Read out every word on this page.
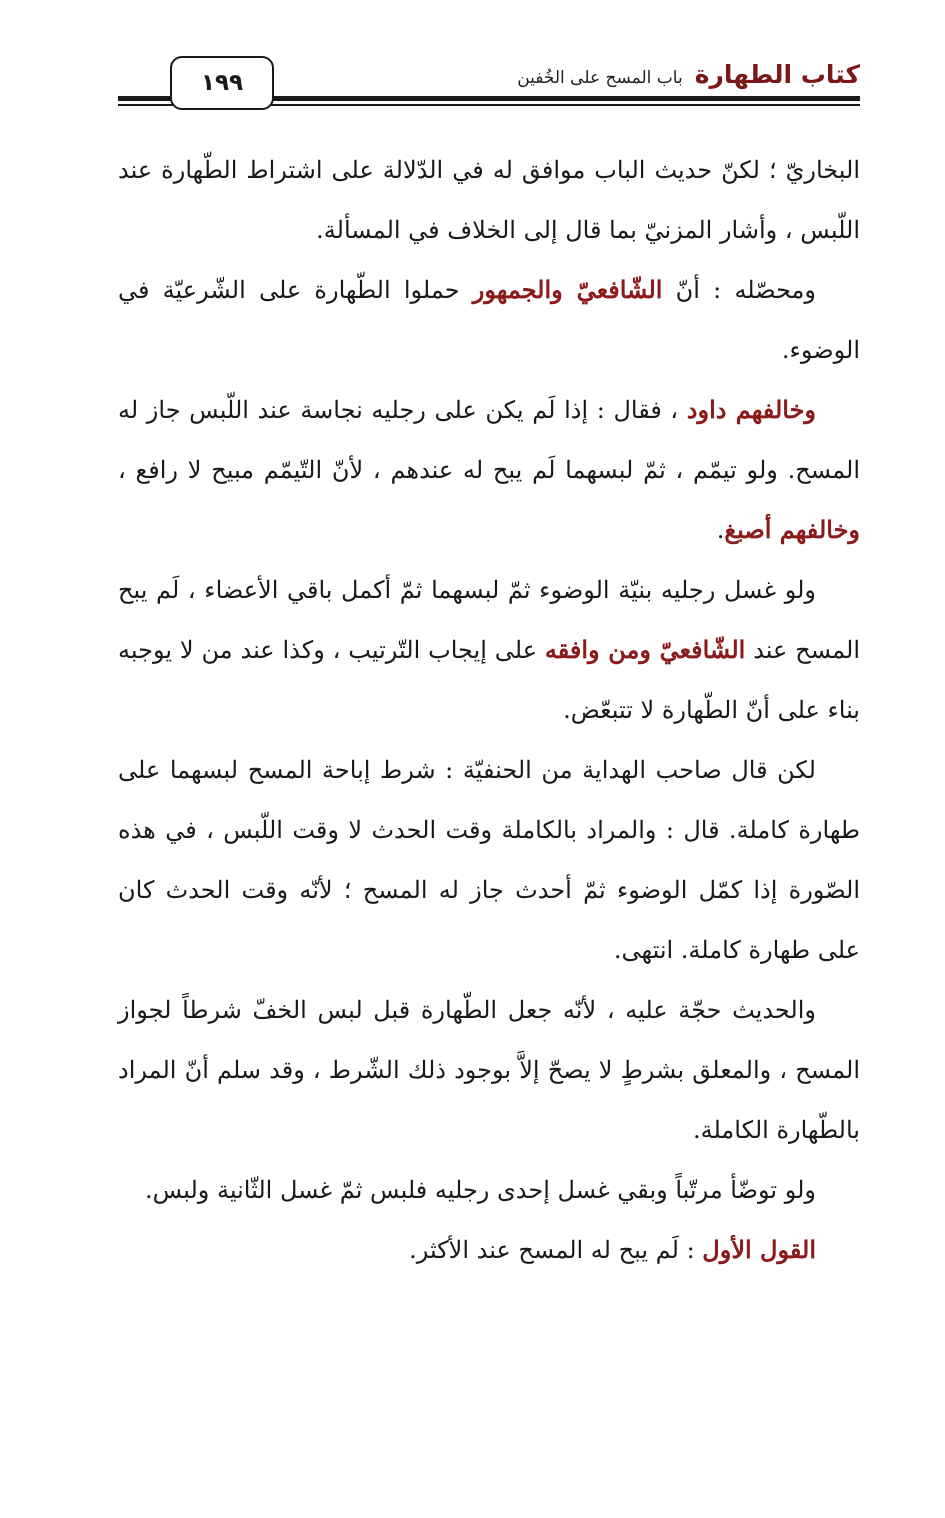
كتاب الطهارةباب المسح على الخُفين
١٩٩

البخاريّ ؛ لكنّ حديث الباب موافق له في الدّلالة على اشتراط الطّهارة عند اللّبس ، وأشار المزنيّ بما قال إلى الخلاف في المسألة.

ومحصّله : أنّ الشّافعيّ والجمهور حملوا الطّهارة على الشّرعيّة في الوضوء.

وخالفهم داود ، فقال : إذا لَم يكن على رجليه نجاسة عند اللّبس جاز له المسح. ولو تيمّم ، ثمّ لبسهما لَم يبح له عندهم ، لأنّ التّيمّم مبيح لا رافع ، وخالفهم أصبغ.

ولو غسل رجليه بنيّة الوضوء ثمّ لبسهما ثمّ أكمل باقي الأعضاء ، لَم يبح المسح عند الشّافعيّ ومن وافقه على إيجاب التّرتيب ، وكذا عند من لا يوجبه بناء على أنّ الطّهارة لا تتبعّض.

لكن قال صاحب الهداية من الحنفيّة : شرط إباحة المسح لبسهما على طهارة كاملة. قال : والمراد بالكاملة وقت الحدث لا وقت اللّبس ، في هذه الصّورة إذا كمّل الوضوء ثمّ أحدث جاز له المسح ؛ لأنّه وقت الحدث كان على طهارة كاملة. انتهى.

والحديث حجّة عليه ، لأنّه جعل الطّهارة قبل لبس الخفّ شرطاً لجواز المسح ، والمعلق بشرطٍ لا يصحّ إلاَّ بوجود ذلك الشّرط ، وقد سلم أنّ المراد بالطّهارة الكاملة.

ولو توضّأ مرتّباً وبقي غسل إحدى رجليه فلبس ثمّ غسل الثّانية ولبس.

القول الأول : لَم يبح له المسح عند الأكثر.
